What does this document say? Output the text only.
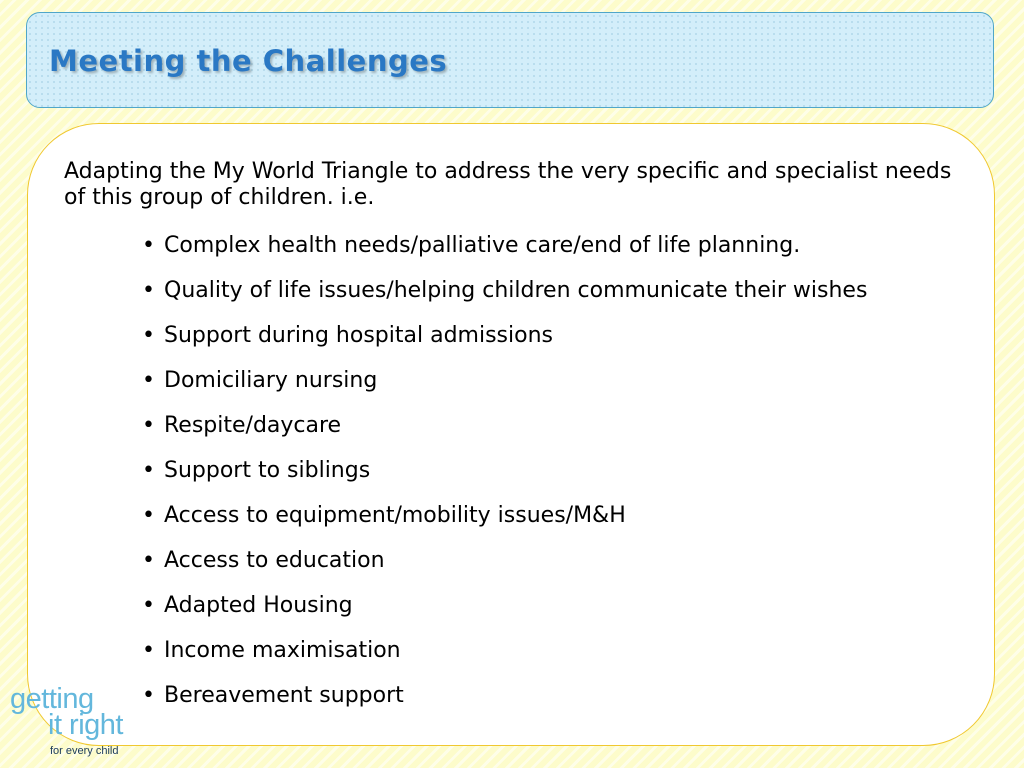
Meeting the Challenges

Adapting the My World Triangle to address the very specific and specialist needs of this group of children. i.e.

• Complex health needs/palliative care/end of life planning.
• Quality of life issues/helping children communicate their wishes
• Support during hospital admissions
• Domiciliary nursing
• Respite/daycare
• Support to siblings
• Access to equipment/mobility issues/M&H
• Access to education
• Adapted Housing
• Income maximisation
• Bereavement support
getting
it right
for every child
